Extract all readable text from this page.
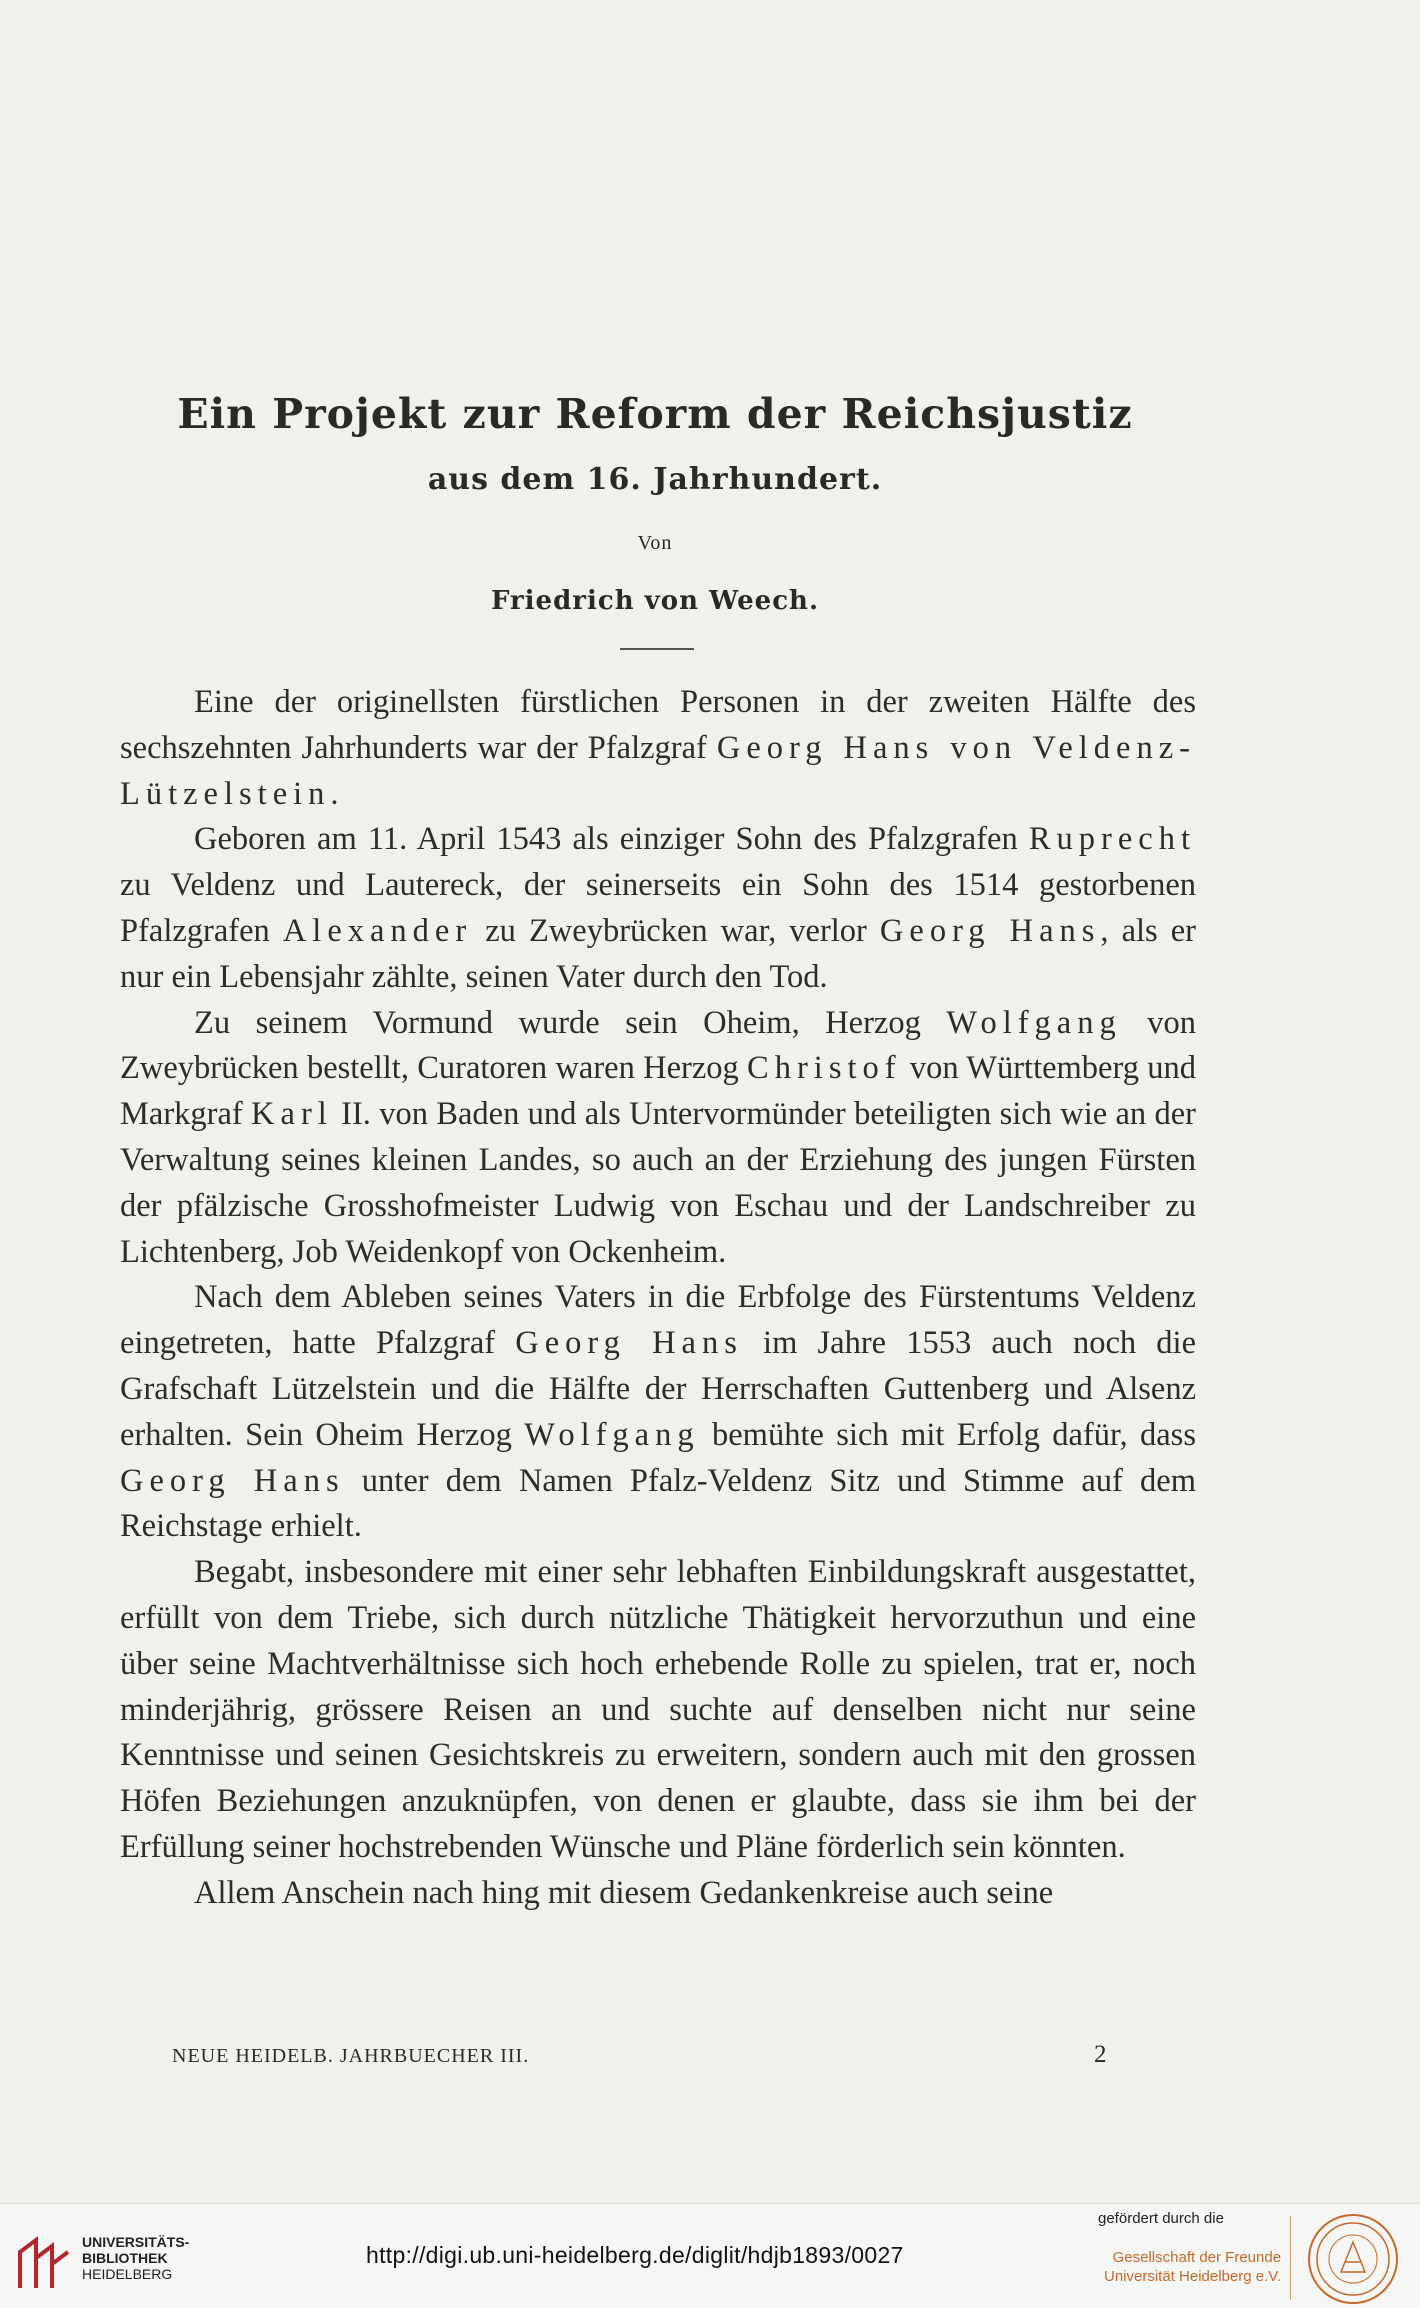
Ein Projekt zur Reform der Reichsjustiz
aus dem 16. Jahrhundert.
Von
Friedrich von Weech.

Eine der originellsten fürstlichen Personen in der zweiten Hälfte des sechszehnten Jahrhunderts war der Pfalzgraf Georg Hans von Veldenz-Lützelstein.

Geboren am 11. April 1543 als einziger Sohn des Pfalzgrafen Ruprecht zu Veldenz und Lautereck, der seinerseits ein Sohn des 1514 gestorbenen Pfalzgrafen Alexander zu Zweybrücken war, verlor Georg Hans, als er nur ein Lebensjahr zählte, seinen Vater durch den Tod.

Zu seinem Vormund wurde sein Oheim, Herzog Wolfgang von Zweybrücken bestellt, Curatoren waren Herzog Christof von Württemberg und Markgraf Karl II. von Baden und als Untervormünder beteiligten sich wie an der Verwaltung seines kleinen Landes, so auch an der Erziehung des jungen Fürsten der pfälzische Grosshofmeister Ludwig von Eschau und der Landschreiber zu Lichtenberg, Job Weidenkopf von Ockenheim.

Nach dem Ableben seines Vaters in die Erbfolge des Fürstentums Veldenz eingetreten, hatte Pfalzgraf Georg Hans im Jahre 1553 auch noch die Grafschaft Lützelstein und die Hälfte der Herrschaften Guttenberg und Alsenz erhalten. Sein Oheim Herzog Wolfgang bemühte sich mit Erfolg dafür, dass Georg Hans unter dem Namen Pfalz-Veldenz Sitz und Stimme auf dem Reichstage erhielt.

Begabt, insbesondere mit einer sehr lebhaften Einbildungskraft ausgestattet, erfüllt von dem Triebe, sich durch nützliche Thätigkeit hervorzuthun und eine über seine Machtverhältnisse sich hoch erhebende Rolle zu spielen, trat er, noch minderjährig, grössere Reisen an und suchte auf denselben nicht nur seine Kenntnisse und seinen Gesichtskreis zu erweitern, sondern auch mit den grossen Höfen Beziehungen anzuknüpfen, von denen er glaubte, dass sie ihm bei der Erfüllung seiner hochstrebenden Wünsche und Pläne förderlich sein könnten.

Allem Anschein nach hing mit diesem Gedankenkreise auch seine

NEUE HEIDELB. JAHRBUECHER III.	2
UNIVERSITÄTS-
BIBLIOTHEK
HEIDELBERG
http://digi.ub.uni-heidelberg.de/diglit/hdjb1893/0027
gefördert durch die
Gesellschaft der Freunde
Universität Heidelberg e.V.
